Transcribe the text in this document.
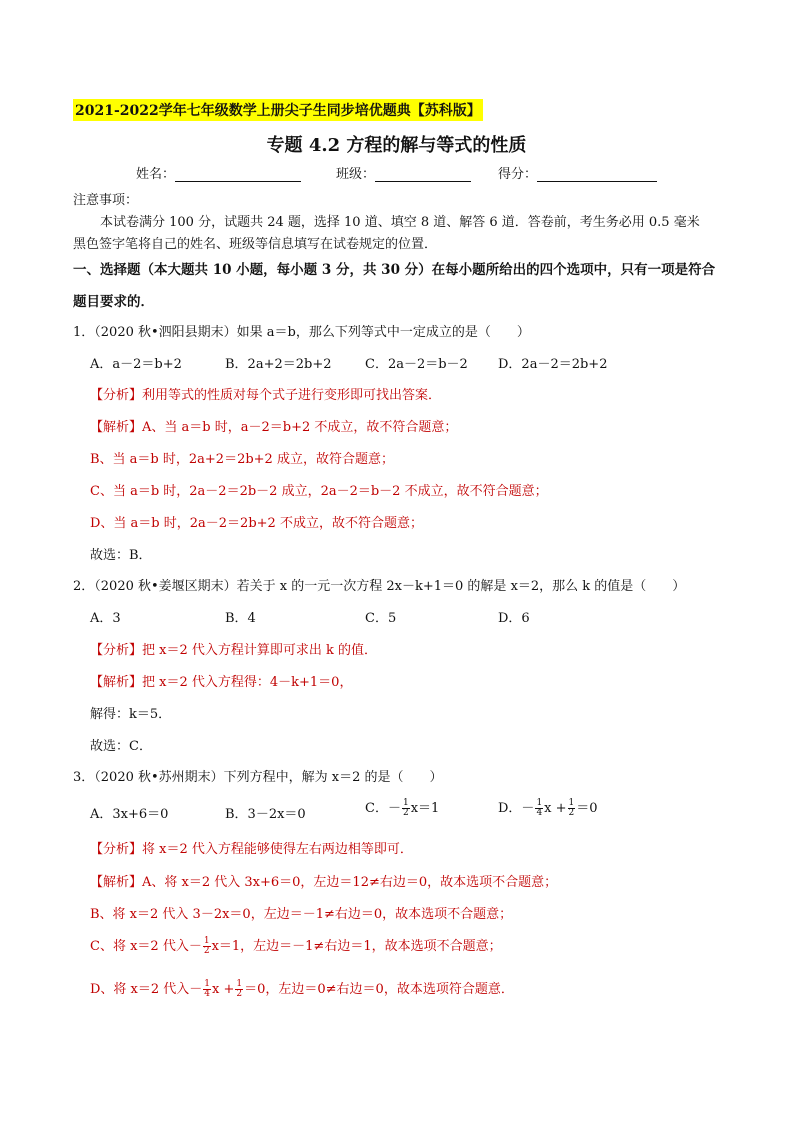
2021-2022学年七年级数学上册尖子生同步培优题典【苏科版】
专题 4.2 方程的解与等式的性质
姓名：	班级：	得分：
注意事项：
本试卷满分 100 分，试题共 24 题，选择 10 道、填空 8 道、解答 6 道．答卷前，考生务必用 0.5 毫米
黑色签字笔将自己的姓名、班级等信息填写在试卷规定的位置．
一、选择题（本大题共 10 小题，每小题 3 分，共 30 分）在每小题所给出的四个选项中，只有一项是符合
题目要求的．
1．（2020 秋•泗阳县期末）如果 a＝b，那么下列等式中一定成立的是（　　）
A．a－2＝b+2	B．2a+2＝2b+2	C．2a－2＝b－2 D．2a－2＝2b+2
【分析】利用等式的性质对每个式子进行变形即可找出答案．
【解析】A、当 a＝b 时，a－2＝b+2 不成立，故不符合题意；
B、当 a＝b 时，2a+2＝2b+2 成立，故符合题意；
C、当 a＝b 时，2a－2＝2b－2 成立，2a－2＝b－2 不成立，故不符合题意；
D、当 a＝b 时，2a－2＝2b+2 不成立，故不符合题意；
故选：B．
2．（2020 秋•姜堰区期末）若关于 x 的一元一次方程 2x－k+1＝0 的解是 x＝2，那么 k 的值是（　　）
A．3	B．4	C．5	D．6
【分析】把 x＝2 代入方程计算即可求出 k 的值．
【解析】把 x＝2 代入方程得：4－k+1＝0，
解得：k＝5．
故选：C．
3．（2020 秋•苏州期末）下列方程中，解为 x＝2 的是（　　）
A．3x+6＝0	B．3－2x＝0	C．－ $\frac{1}{2} x=1$	D．－ $\frac{1}{4}$ $x + \frac{1}{2} =0$
【分析】将 x＝2 代入方程能够使得左右两边相等即可．
【解析】A、将 x＝2 代入 3x+6＝0，左边＝12≠右边＝0，故本选项不合题意；
B、将 x＝2 代入 3－2x＝0，左边＝－1≠右边＝0，故本选项不合题意；
C、将 x＝2 代入－ $\frac{1}{2} x=1$，左边＝－1≠右边＝1，故本选项不合题意；
D、将 x＝2 代入－ $\frac{1}{4}$ $x + \frac{1}{2} =0$，左边＝0≠右边＝0，故本选项符合题意．
